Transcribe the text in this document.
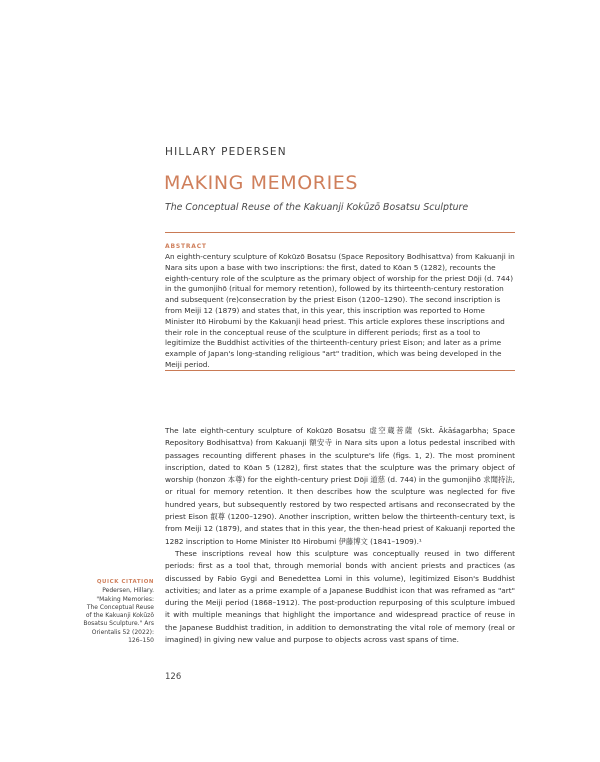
HILLARY PEDERSEN
MAKING MEMORIES
The Conceptual Reuse of the Kakuanji Kokūzō Bosatsu Sculpture
ABSTRACT
An eighth-century sculpture of Kokūzō Bosatsu (Space Repository Bodhisattva) from Kakuanji in Nara sits upon a base with two inscriptions: the first, dated to Kōan 5 (1282), recounts the eighth-century role of the sculpture as the primary object of worship for the priest Dōji (d. 744) in the gumonjihō (ritual for memory retention), followed by its thirteenth-century restoration and subsequent (re)consecration by the priest Eison (1200–1290). The second inscription is from Meiji 12 (1879) and states that, in this year, this inscription was reported to Home Minister Itō Hirobumi by the Kakuanji head priest. This article explores these inscriptions and their role in the conceptual reuse of the sculpture in different periods; first as a tool to legitimize the Buddhist activities of the thirteenth-century priest Eison; and later as a prime example of Japan's long-standing religious "art" tradition, which was being developed in the Meiji period.

The late eighth-century sculpture of Kokūzō Bosatsu 虚空蔵菩薩 (Skt. Ākāśagarbha; Space Repository Bodhisattva) from Kakuanji 額安寺 in Nara sits upon a lotus pedestal inscribed with passages recounting different phases in the sculpture's life (figs. 1, 2). The most prominent inscription, dated to Kōan 5 (1282), first states that the sculpture was the primary object of worship (honzon 本尊) for the eighth-century priest Dōji 道慈 (d. 744) in the gumonjihō 求聞持法, or ritual for memory retention. It then describes how the sculpture was neglected for five hundred years, but subsequently restored by two respected artisans and reconsecrated by the priest Eison 叡尊 (1200–1290). Another inscription, written below the thirteenth-century text, is from Meiji 12 (1879), and states that in this year, the then-head priest of Kakuanji reported the 1282 inscription to Home Minister Itō Hirobumi 伊藤博文 (1841–1909).¹

These inscriptions reveal how this sculpture was conceptually reused in two different periods: first as a tool that, through memorial bonds with ancient priests and practices (as discussed by Fabio Gygi and Benedettea Lomi in this volume), legitimized Eison's Buddhist activities; and later as a prime example of a Japanese Buddhist icon that was reframed as "art" during the Meiji period (1868–1912). The post-production repurposing of this sculpture imbued it with multiple meanings that highlight the importance and widespread practice of reuse in the Japanese Buddhist tradition, in addition to demonstrating the vital role of memory (real or imagined) in giving new value and purpose to objects across vast spans of time.

QUICK CITATION
Pedersen, Hillary.
"Making Memories:
The Conceptual Reuse
of the Kakuanji Kokūzō
Bosatsu Sculpture." Ars
Orientalis 52 (2022):
126–150
126
